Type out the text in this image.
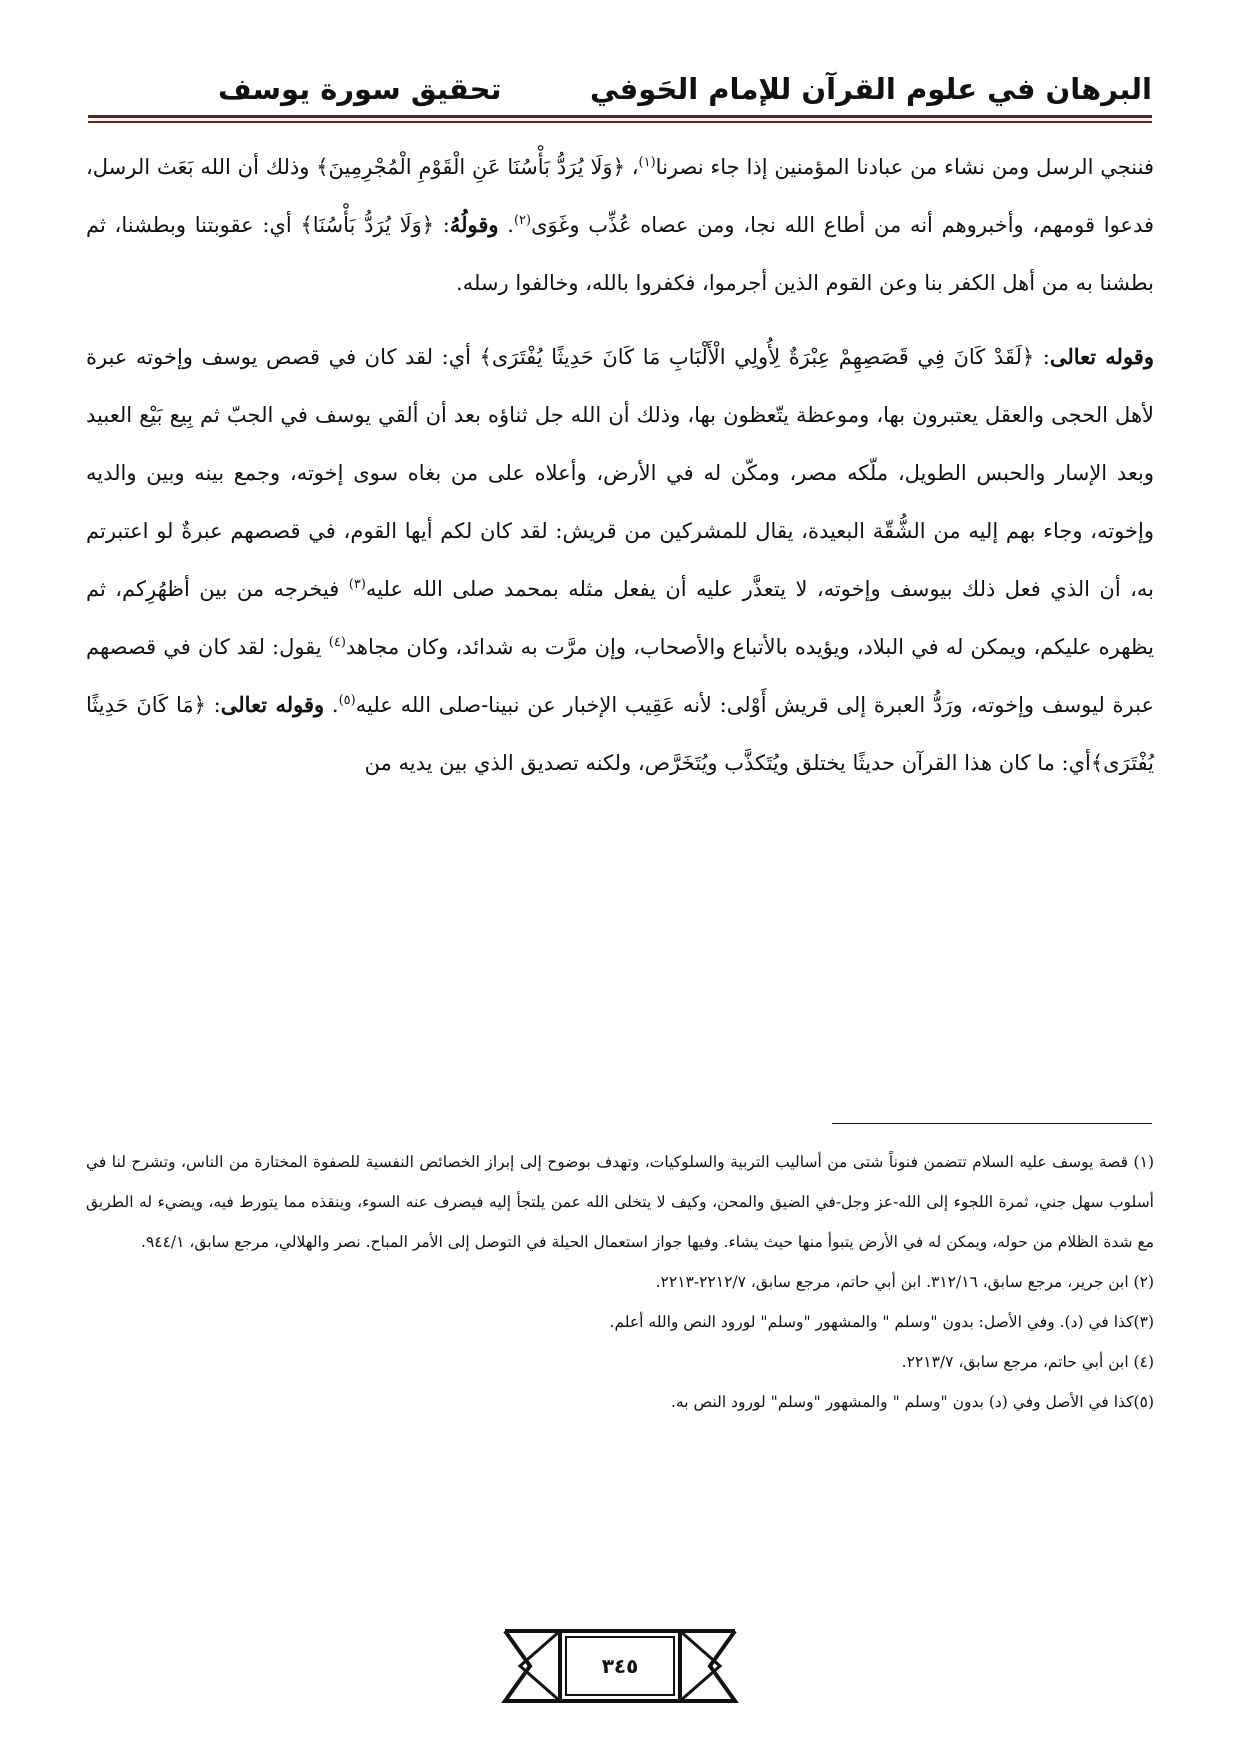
البرهان في علوم القرآن للإمام الحَوفي
تحقيق سورة يوسف

فننجي الرسل ومن نشاء من عبادنا المؤمنين إذا جاء نصرنا$^{(١)}$، ﴿وَلَا يُرَدُّ بَأْسُنَا عَنِ الْقَوْمِ الْمُجْرِمِينَ﴾ وذلك أن الله بَعَث الرسل، فدعوا قومهم، وأخبروهم أنه من أطاع الله نجا، ومن عصاه عُذِّب وغَوَى$^{(٢)}$. وقولُهُ: ﴿وَلَا يُرَدُّ بَأْسُنَا﴾ أي: عقوبتنا وبطشنا، ثم بطشنا به من أهل الكفر بنا وعن القوم الذين أجرموا، فكفروا بالله، وخالفوا رسله.

وقوله تعالى: ﴿لَقَدْ كَانَ فِي قَصَصِهِمْ عِبْرَةٌ لِأُولِي الْأَلْبَابِ مَا كَانَ حَدِيثًا يُفْتَرَى﴾ أي: لقد كان في قصص يوسف وإخوته عبرة لأهل الحجى والعقل يعتبرون بها، وموعظة يتّعظون بها، وذلك أن الله جل ثناؤه بعد أن ألقي يوسف في الجبّ ثم بِيع بَيْع العبيد وبعد الإسار والحبس الطويل، ملّكه مصر، ومكّن له في الأرض، وأعلاه على من بغاه سوى إخوته، وجمع بينه وبين والديه وإخوته، وجاء بهم إليه من الشُّقّة البعيدة، يقال للمشركين من قريش: لقد كان لكم أيها القوم، في قصصهم عبرةٌ لو اعتبرتم به، أن الذي فعل ذلك بيوسف وإخوته، لا يتعذَّر عليه أن يفعل مثله بمحمد صلى الله عليه$^{(٣)}$ فيخرجه من بين أظهُرِكم، ثم يظهره عليكم، ويمكن له في البلاد، ويؤيده بالأتباع والأصحاب، وإن مرَّت به شدائد، وكان مجاهد$^{(٤)}$ يقول: لقد كان في قصصهم عبرة ليوسف وإخوته، ورَدُّ العبرة إلى قريش أَوْلى: لأنه عَقِيب الإخبار عن نبينا-صلى الله عليه$^{(٥)}$. وقوله تعالى: ﴿مَا كَانَ حَدِيثًا يُفْتَرَى﴾أي: ما كان هذا القرآن حديثًا يختلق ويُتَكذَّب ويُتَخَرَّص، ولكنه تصديق الذي بين يديه من

(١) قصة يوسف عليه السلام تتضمن فنوناً شتى من أساليب التربية والسلوكيات، وتهدف بوضوح إلى إبراز الخصائص النفسية للصفوة المختارة من الناس، وتشرح لنا في أسلوب سهل جني، ثمرة اللجوء إلى الله-عز وجل-في الضيق والمحن، وكيف لا يتخلى الله عمن يلتجأ إليه فيصرف عنه السوء، وينقذه مما يتورط فيه، ويضيء له الطريق مع شدة الظلام من حوله، ويمكن له في الأرض يتبوأ منها حيث يشاء. وفيها جواز استعمال الحيلة في التوصل إلى الأمر المباح. نصر والهلالي، مرجع سابق، ٩٤٤/١.

(٢) ابن جرير، مرجع سابق، ٣١٢/١٦. ابن أبي حاتم، مرجع سابق، ٢٢١٢/٧-٢٢١٣.

(٣)كذا في (د). وفي الأصل: بدون "وسلم " والمشهور "وسلم" لورود النص والله أعلم.

(٤) ابن أبي حاتم، مرجع سابق، ٢٢١٣/٧.

(٥)كذا في الأصل وفي (د) بدون "وسلم " والمشهور "وسلم" لورود النص به.

٣٤٥
